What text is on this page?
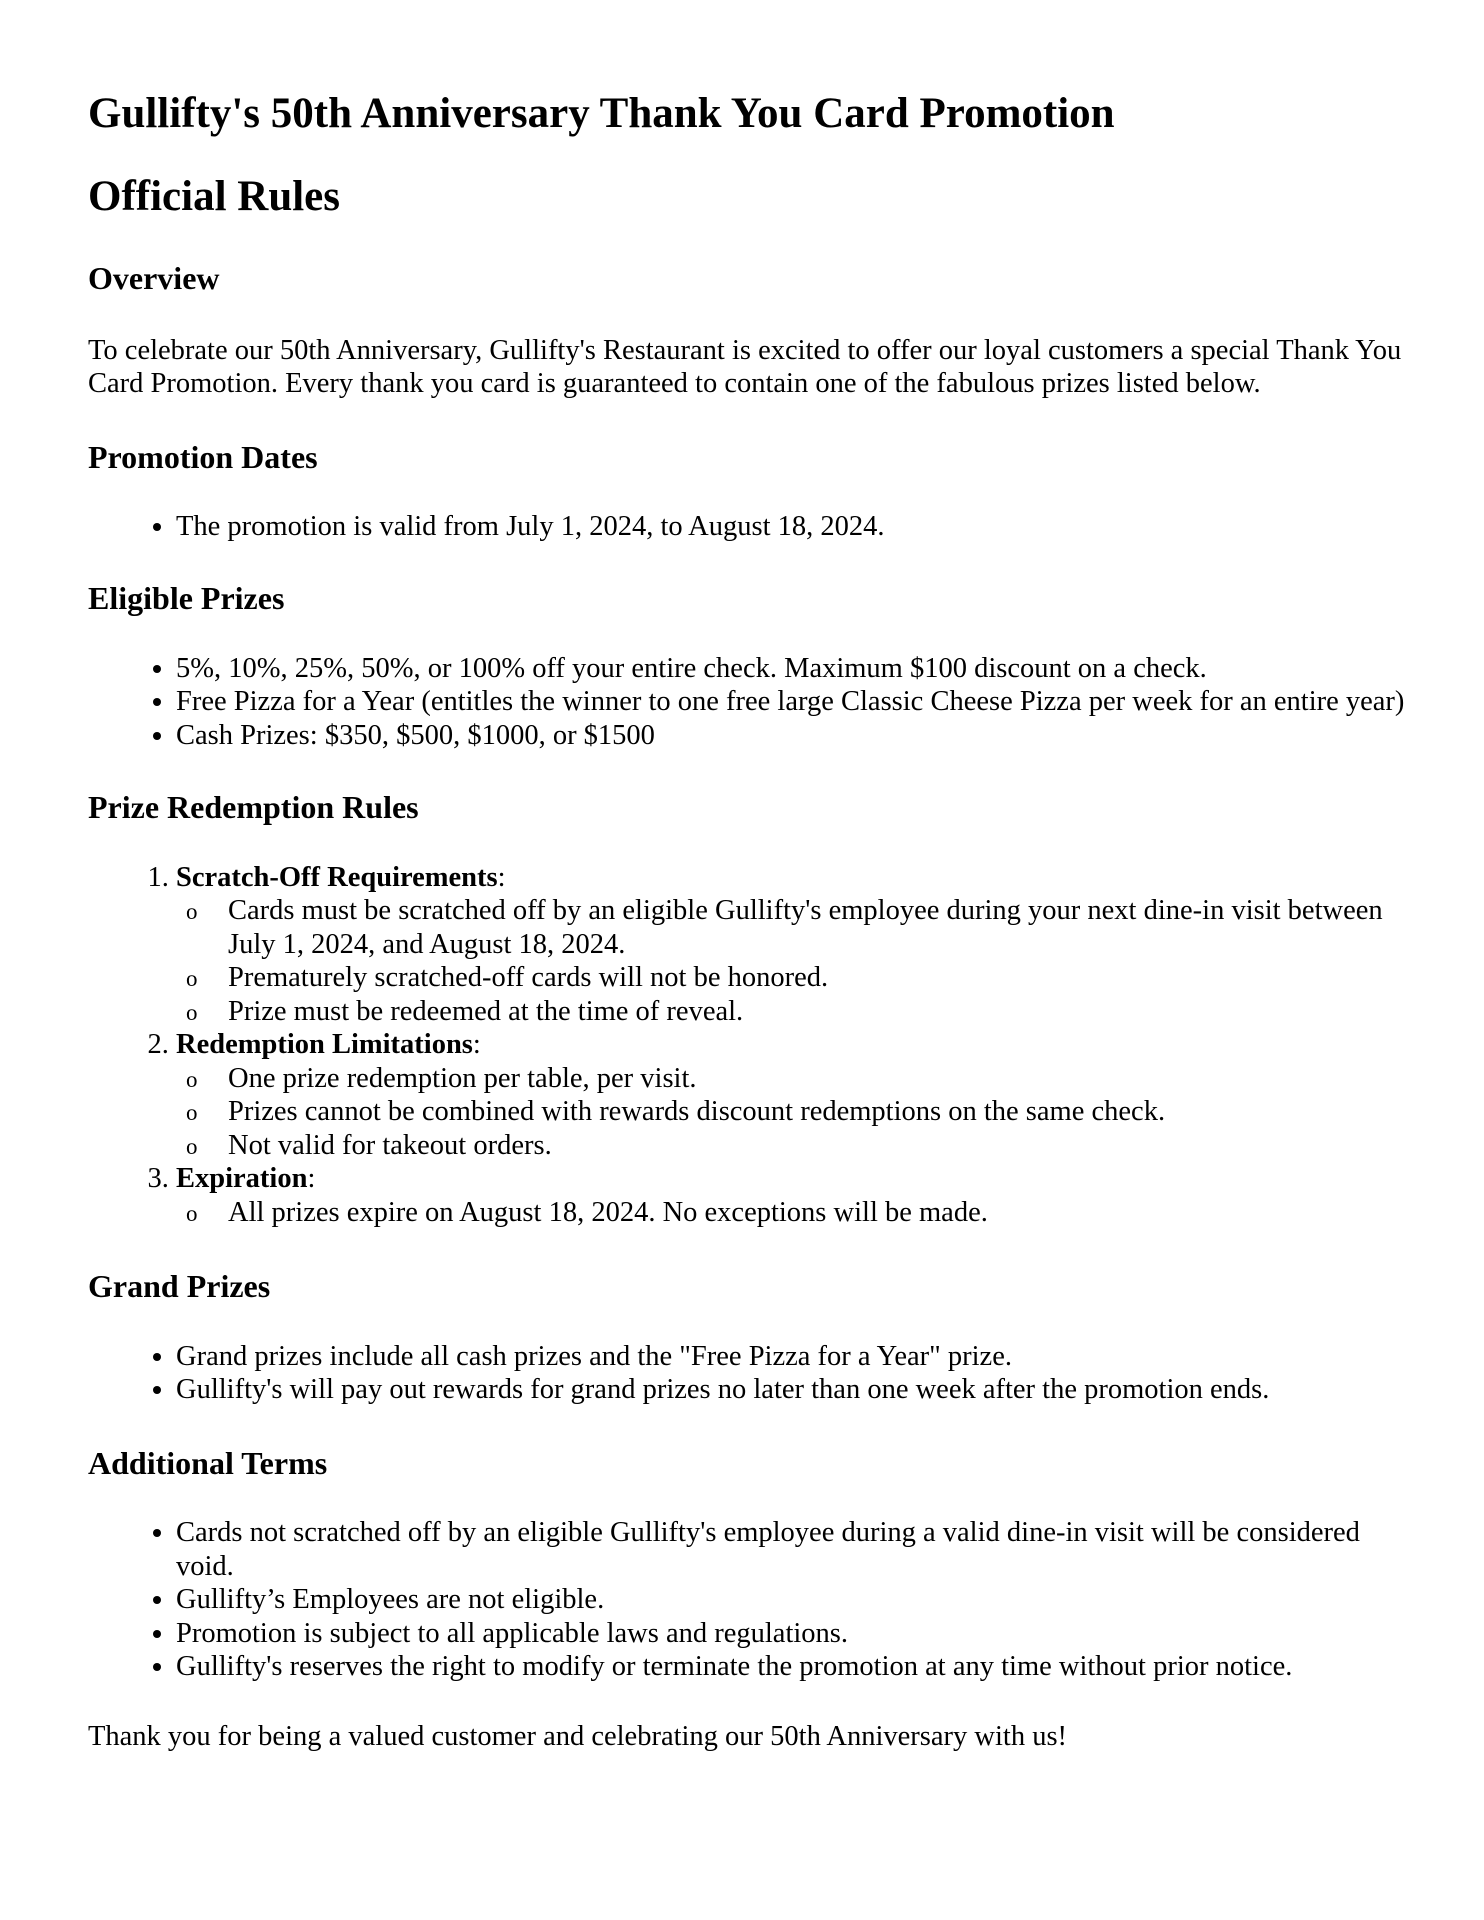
Gullifty's 50th Anniversary Thank You Card Promotion
Official Rules
Overview

To celebrate our 50th Anniversary, Gullifty's Restaurant is excited to offer our loyal customers a special Thank You Card Promotion. Every thank you card is guaranteed to contain one of the fabulous prizes listed below.

Promotion Dates
• The promotion is valid from July 1, 2024, to August 18, 2024.
Eligible Prizes
• 5%, 10%, 25%, 50%, or 100% off your entire check. Maximum $100 discount on a check.
• Free Pizza for a Year (entitles the winner to one free large Classic Cheese Pizza per week for an entire year)
• Cash Prizes: $350, $500, $1000, or $1500
Prize Redemption Rules
1. Scratch-Off Requirements:
o Cards must be scratched off by an eligible Gullifty's employee during your next dine-in visit between July 1, 2024, and August 18, 2024.
o Prematurely scratched-off cards will not be honored.
o Prize must be redeemed at the time of reveal.
2. Redemption Limitations:
o One prize redemption per table, per visit.
o Prizes cannot be combined with rewards discount redemptions on the same check.
o Not valid for takeout orders.
3. Expiration:
o All prizes expire on August 18, 2024. No exceptions will be made.
Grand Prizes
• Grand prizes include all cash prizes and the "Free Pizza for a Year" prize.
• Gullifty's will pay out rewards for grand prizes no later than one week after the promotion ends.
Additional Terms
• Cards not scratched off by an eligible Gullifty's employee during a valid dine-in visit will be considered void.
• Gullifty’s Employees are not eligible.
• Promotion is subject to all applicable laws and regulations.
• Gullifty's reserves the right to modify or terminate the promotion at any time without prior notice.

Thank you for being a valued customer and celebrating our 50th Anniversary with us!
